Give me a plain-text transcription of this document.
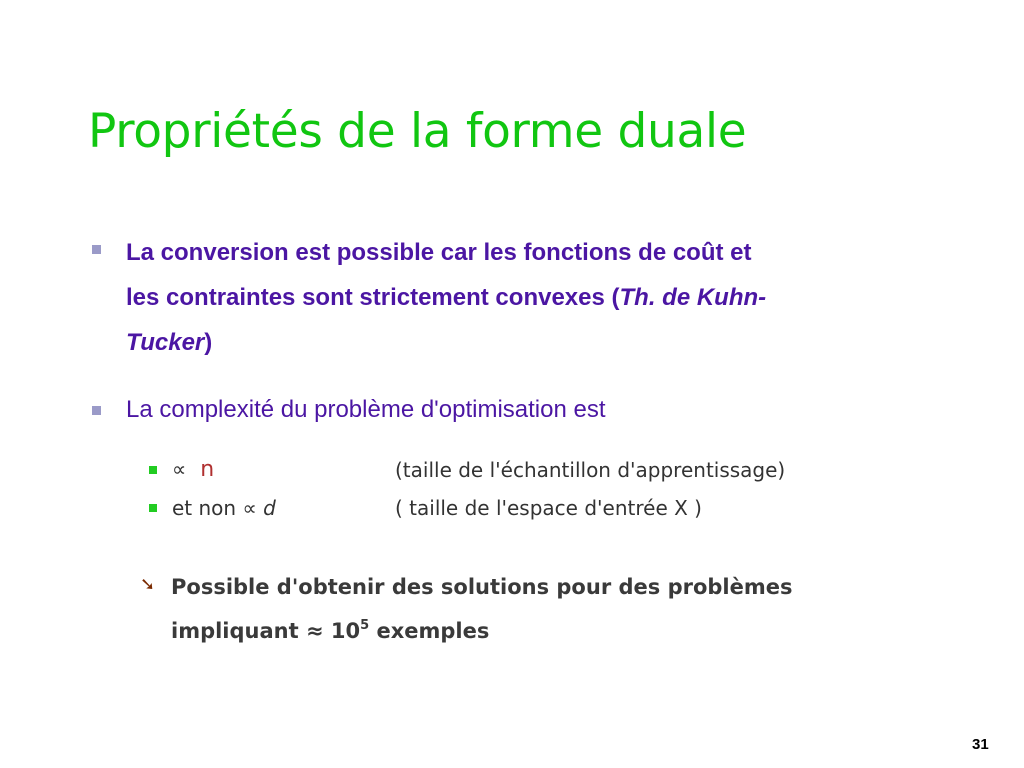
Propriétés de la forme duale
La conversion est possible car les fonctions de coût et
les contraintes sont strictement convexes (Th. de Kuhn-
Tucker)
La complexité du problème d'optimisation est
∝ n	(taille de l'échantillon d'apprentissage)
et non ∝ d	( taille de l'espace d'entrée X )
➘ Possible d'obtenir des solutions pour des problèmes
impliquant ≈ $10^5$ exemples
31
